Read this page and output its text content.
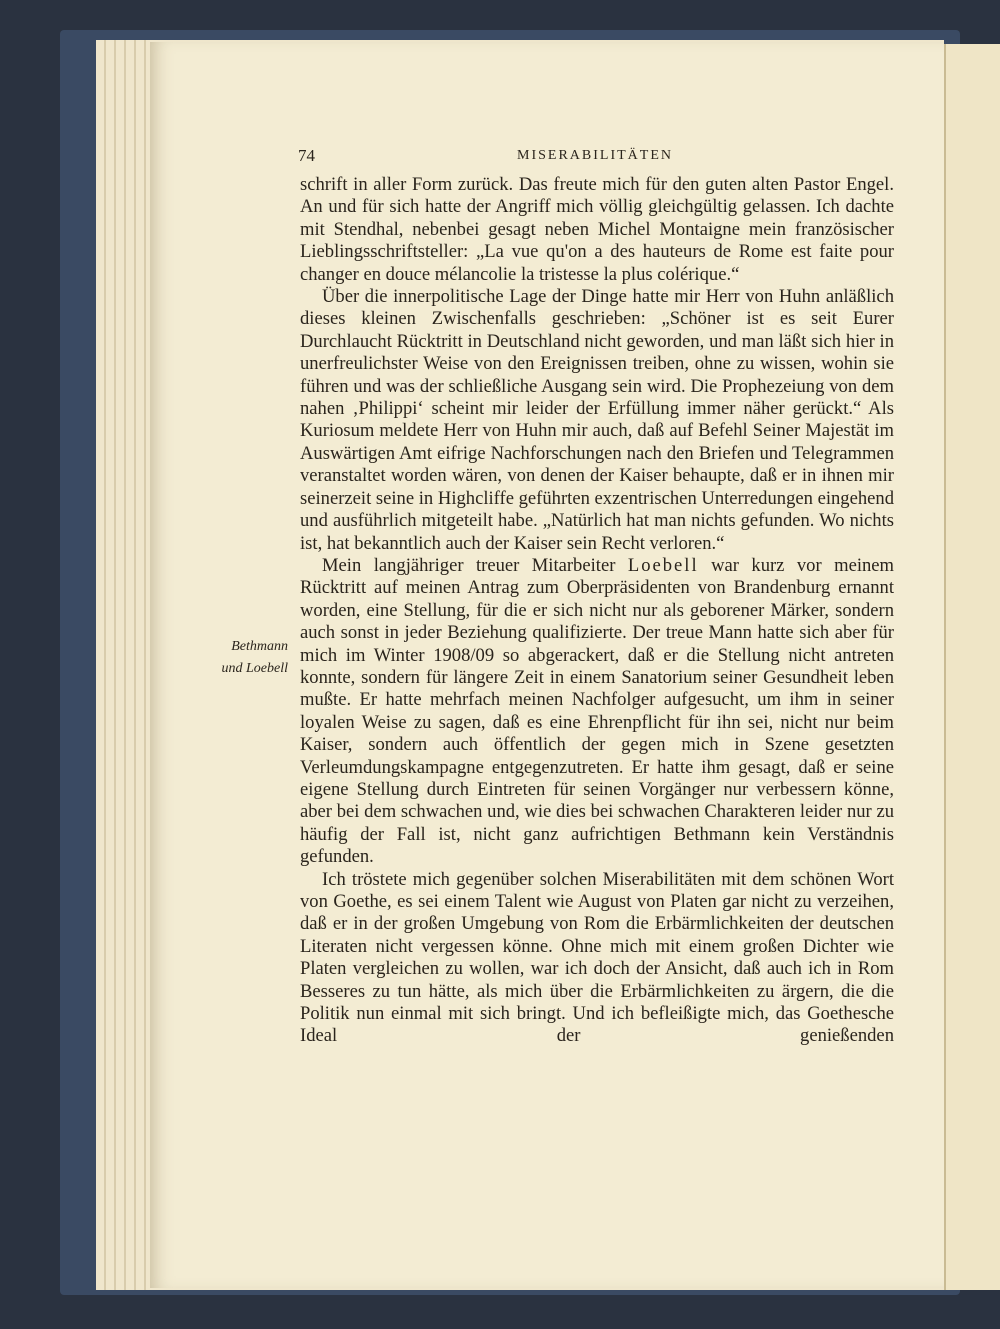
74	MISERABILITÄTEN
Bethmann
und Loebell

schrift in aller Form zurück. Das freute mich für den guten alten Pastor Engel. An und für sich hatte der Angriff mich völlig gleichgültig gelassen. Ich dachte mit Stendhal, nebenbei gesagt neben Michel Montaigne mein französischer Lieblingsschriftsteller: „La vue qu'on a des hauteurs de Rome est faite pour changer en douce mélancolie la tristesse la plus colérique.“

Über die innerpolitische Lage der Dinge hatte mir Herr von Huhn anläßlich dieses kleinen Zwischenfalls geschrieben: „Schöner ist es seit Eurer Durchlaucht Rücktritt in Deutschland nicht geworden, und man läßt sich hier in unerfreulichster Weise von den Ereignissen treiben, ohne zu wissen, wohin sie führen und was der schließliche Ausgang sein wird. Die Prophezeiung von dem nahen ‚Philippi‘ scheint mir leider der Erfüllung immer näher gerückt.“ Als Kuriosum meldete Herr von Huhn mir auch, daß auf Befehl Seiner Majestät im Auswärtigen Amt eifrige Nachforschungen nach den Briefen und Telegrammen veranstaltet worden wären, von denen der Kaiser behaupte, daß er in ihnen mir seinerzeit seine in Highcliffe geführten exzentrischen Unterredungen eingehend und ausführlich mitgeteilt habe. „Natürlich hat man nichts gefunden. Wo nichts ist, hat bekanntlich auch der Kaiser sein Recht verloren.“

Mein langjähriger treuer Mitarbeiter Loebell war kurz vor meinem Rücktritt auf meinen Antrag zum Oberpräsidenten von Brandenburg ernannt worden, eine Stellung, für die er sich nicht nur als geborener Märker, sondern auch sonst in jeder Beziehung qualifizierte. Der treue Mann hatte sich aber für mich im Winter 1908/09 so abgerackert, daß er die Stellung nicht antreten konnte, sondern für längere Zeit in einem Sanatorium seiner Gesundheit leben mußte. Er hatte mehrfach meinen Nachfolger aufgesucht, um ihm in seiner loyalen Weise zu sagen, daß es eine Ehrenpflicht für ihn sei, nicht nur beim Kaiser, sondern auch öffentlich der gegen mich in Szene gesetzten Verleumdungskampagne entgegenzutreten. Er hatte ihm gesagt, daß er seine eigene Stellung durch Eintreten für seinen Vorgänger nur verbessern könne, aber bei dem schwachen und, wie dies bei schwachen Charakteren leider nur zu häufig der Fall ist, nicht ganz aufrichtigen Bethmann kein Verständnis gefunden.

Ich tröstete mich gegenüber solchen Miserabilitäten mit dem schönen Wort von Goethe, es sei einem Talent wie August von Platen gar nicht zu verzeihen, daß er in der großen Umgebung von Rom die Erbärmlichkeiten der deutschen Literaten nicht vergessen könne. Ohne mich mit einem großen Dichter wie Platen vergleichen zu wollen, war ich doch der Ansicht, daß auch ich in Rom Besseres zu tun hätte, als mich über die Erbärmlichkeiten zu ärgern, die die Politik nun einmal mit sich bringt. Und ich befleißigte mich, das Goethesche Ideal der genießenden
